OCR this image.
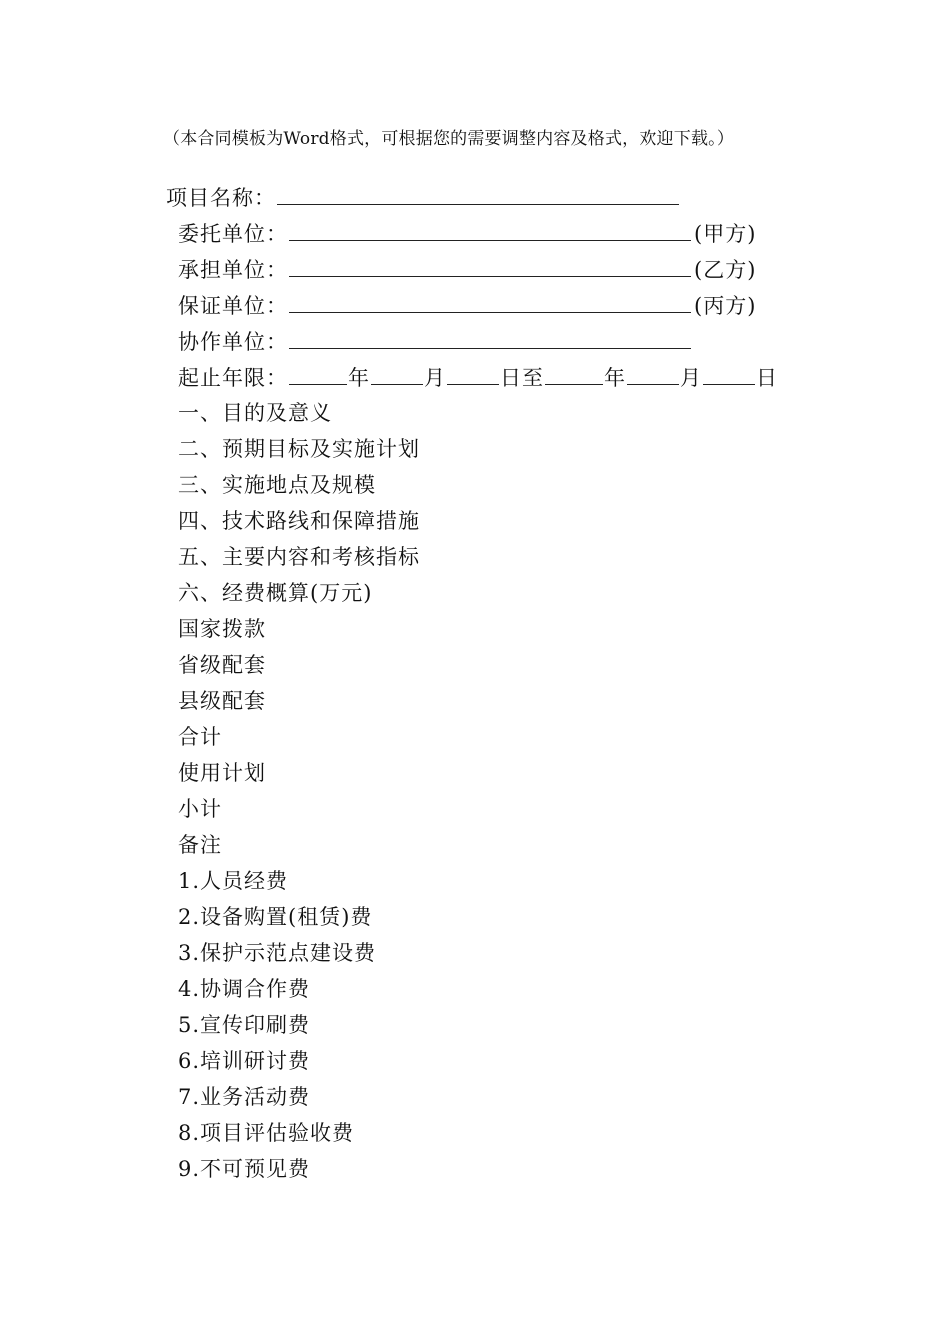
（本合同模板为Word格式，可根据您的需要调整内容及格式，欢迎下载。）
项目名称：
委托单位：	(甲方)
承担单位：	(乙方)
保证单位：	(丙方)
协作单位：
起止年限：	年	月	日至	年	月	日
一、目的及意义
二、预期目标及实施计划
三、实施地点及规模
四、技术路线和保障措施
五、主要内容和考核指标
六、经费概算(万元)
国家拨款
省级配套
县级配套
合计
使用计划
小计
备注
1.人员经费
2.设备购置(租赁)费
3.保护示范点建设费
4.协调合作费
5.宣传印刷费
6.培训研讨费
7.业务活动费
8.项目评估验收费
9.不可预见费
